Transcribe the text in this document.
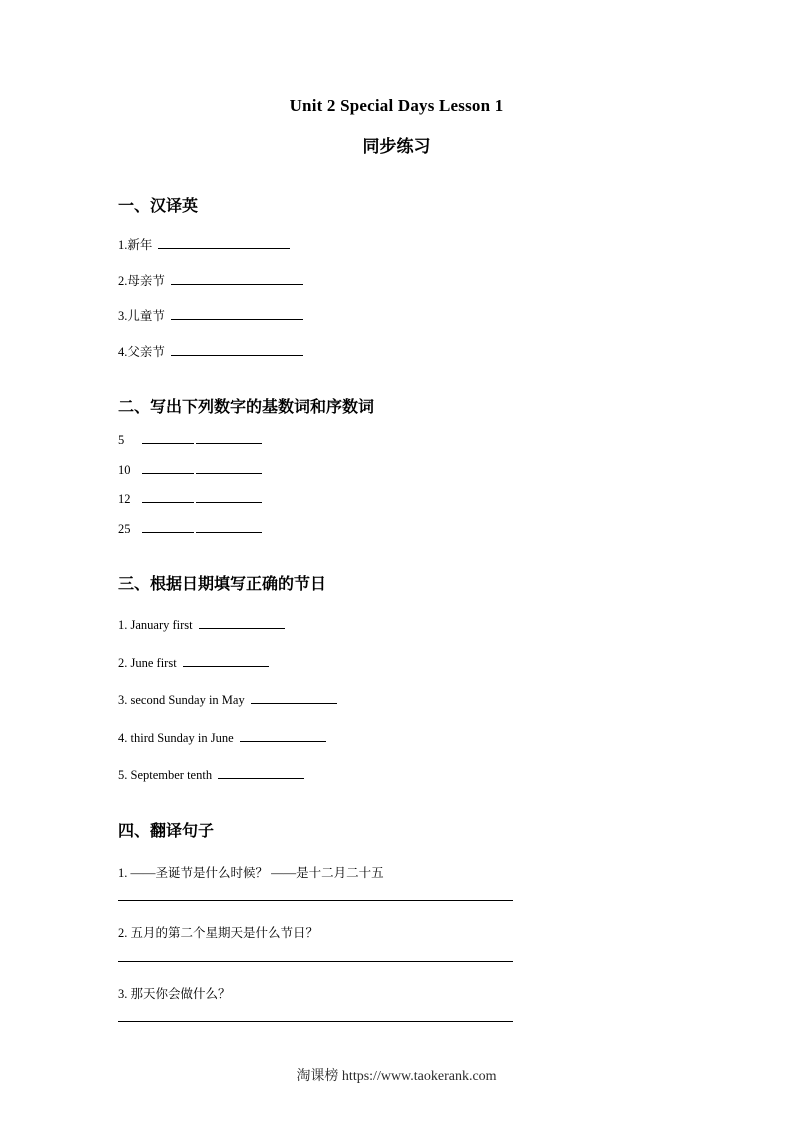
Unit 2 Special Days Lesson 1
同步练习
一、汉译英
1.新年
2.母亲节
3.儿童节
4.父亲节
二、写出下列数字的基数词和序数词
5
10
12
25
三、根据日期填写正确的节日
1. January first
2. June first
3. second Sunday in May
4. third Sunday in June
5. September tenth
四、翻译句子
1. ——圣诞节是什么时候？ ——是十二月二十五
2. 五月的第二个星期天是什么节日？
3. 那天你会做什么？
淘课榜 https://www.taokerank.com
